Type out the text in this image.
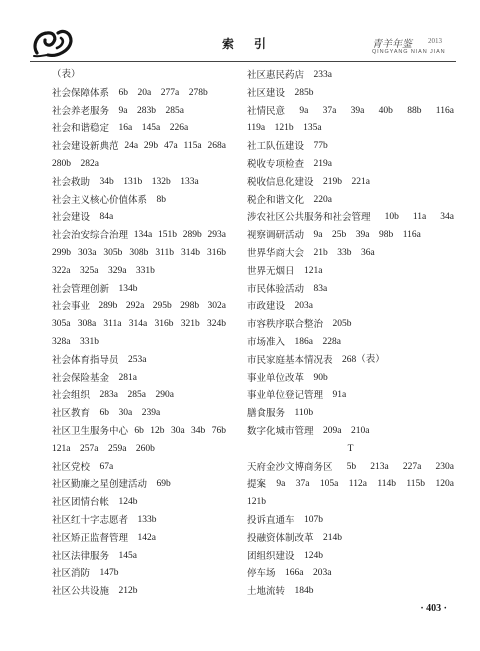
索　引	青羊年鉴 2013
QINGYANG NIAN JIAN
（表）
社会保障体系 6b 20a 277a 278b
社会养老服务 9a 283b 285a
社会和谐稳定 16a 145a 226a
社会建设新典范 24a 29b 47a 115a 268a
280b 282a
社会救助 34b 131b 132b 133a
社会主义核心价值体系 8b
社会建设 84a
社会治安综合治理 134a 151b 289b 293a
299b 303a 305b 308b 311b 314b 316b
322a 325a 329a 331b
社会管理创新 134b
社会事业 289b 292a 295b 298b 302a
305a 308a 311a 314a 316b 321b 324b
328a 331b
社会体育指导员 253a
社会保险基金 281a
社会组织 283a 285a 290a
社区教育 6b 30a 239a
社区卫生服务中心 6b 12b 30a 34b 76b
121a 257a 259a 260b
社区党校 67a
社区勤廉之星创建活动 69b
社区团情台帐 124b
社区红十字志愿者 133b
社区矫正监督管理 142a
社区法律服务 145a
社区消防 147b
社区公共设施 212b
社区惠民药店 233a
社区建设 285b
社情民意 9a 37a 39a 40b 88b 116a
119a 121b 135a
社工队伍建设 77b
税收专项检查 219a
税收信息化建设 219b 221a
税企和谐文化 220a
涉农社区公共服务和社会管理 10b 11a 34a
视察调研活动 9a 25b 39a 98b 116a
世界华商大会 21b 33b 36a
世界无烟日 121a
市民体验活动 83a
市政建设 203a
市容秩序联合整治 205b
市场准入 186a 228a
市民家庭基本情况表 268（表）
事业单位改革 90b
事业单位登记管理 91a
膳食服务 110b
数字化城市管理 209a 210a
T
天府金沙文博商务区 5b 213a 227a 230a
提案 9a 37a 105a 112a 114b 115b 120a
121b
投诉直通车 107b
投融资体制改革 214b
团组织建设 124b
停车场 166a 203a
土地流转 184b
· 403 ·
